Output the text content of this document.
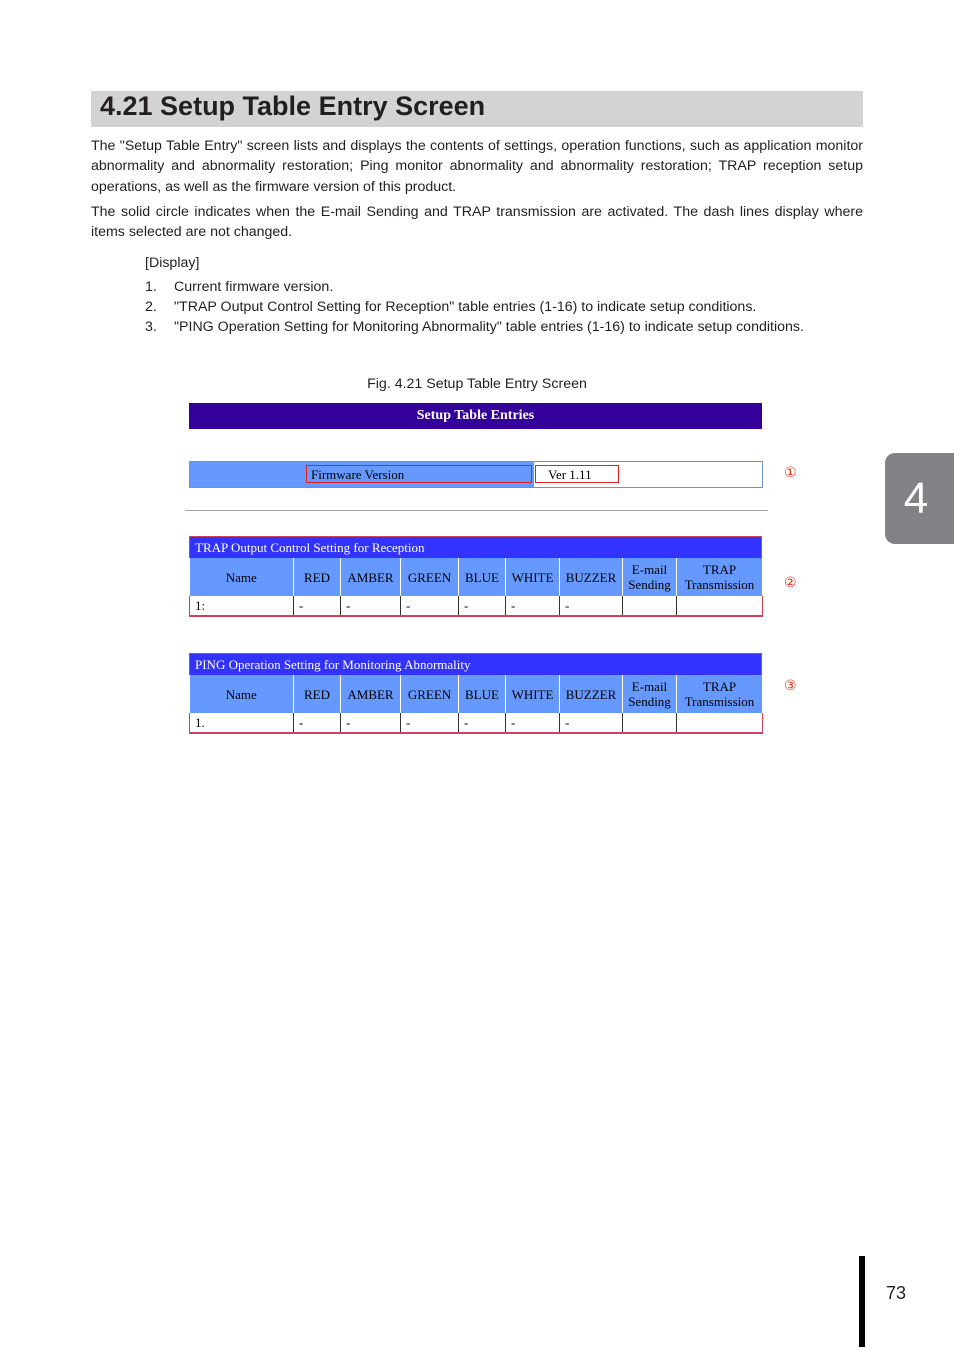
4.21 Setup Table Entry Screen

The "Setup Table Entry" screen lists and displays the contents of settings, operation functions, such as application monitor abnormality and abnormality restoration; Ping monitor abnormality and abnormality restoration; TRAP reception setup operations, as well as the firmware version of this product.

The solid circle indicates when the E-mail Sending and TRAP transmission are activated. The dash lines display where items selected are not changed.

[Display]
1. Current firmware version.
2. "TRAP Output Control Setting for Reception" table entries (1-16) to indicate setup conditions.
3. "PING Operation Setting for Monitoring Abnormality" table entries (1-16) to indicate setup conditions.
Fig. 4.21 Setup Table Entry Screen
Setup Table Entries
Firmware Version	Ver 1.11
TRAP Output Control Setting for Reception
Name	RED	AMBER	GREEN	BLUE	WHITE	BUZZER	E-mail Sending	TRAP Transmission
1:	-	-	-	-	-	-		
PING Operation Setting for Monitoring Abnormality
Name	RED	AMBER	GREEN	BLUE	WHITE	BUZZER	E-mail Sending	TRAP Transmission
1.	-	-	-	-	-	-		
①
②
③
4
73
